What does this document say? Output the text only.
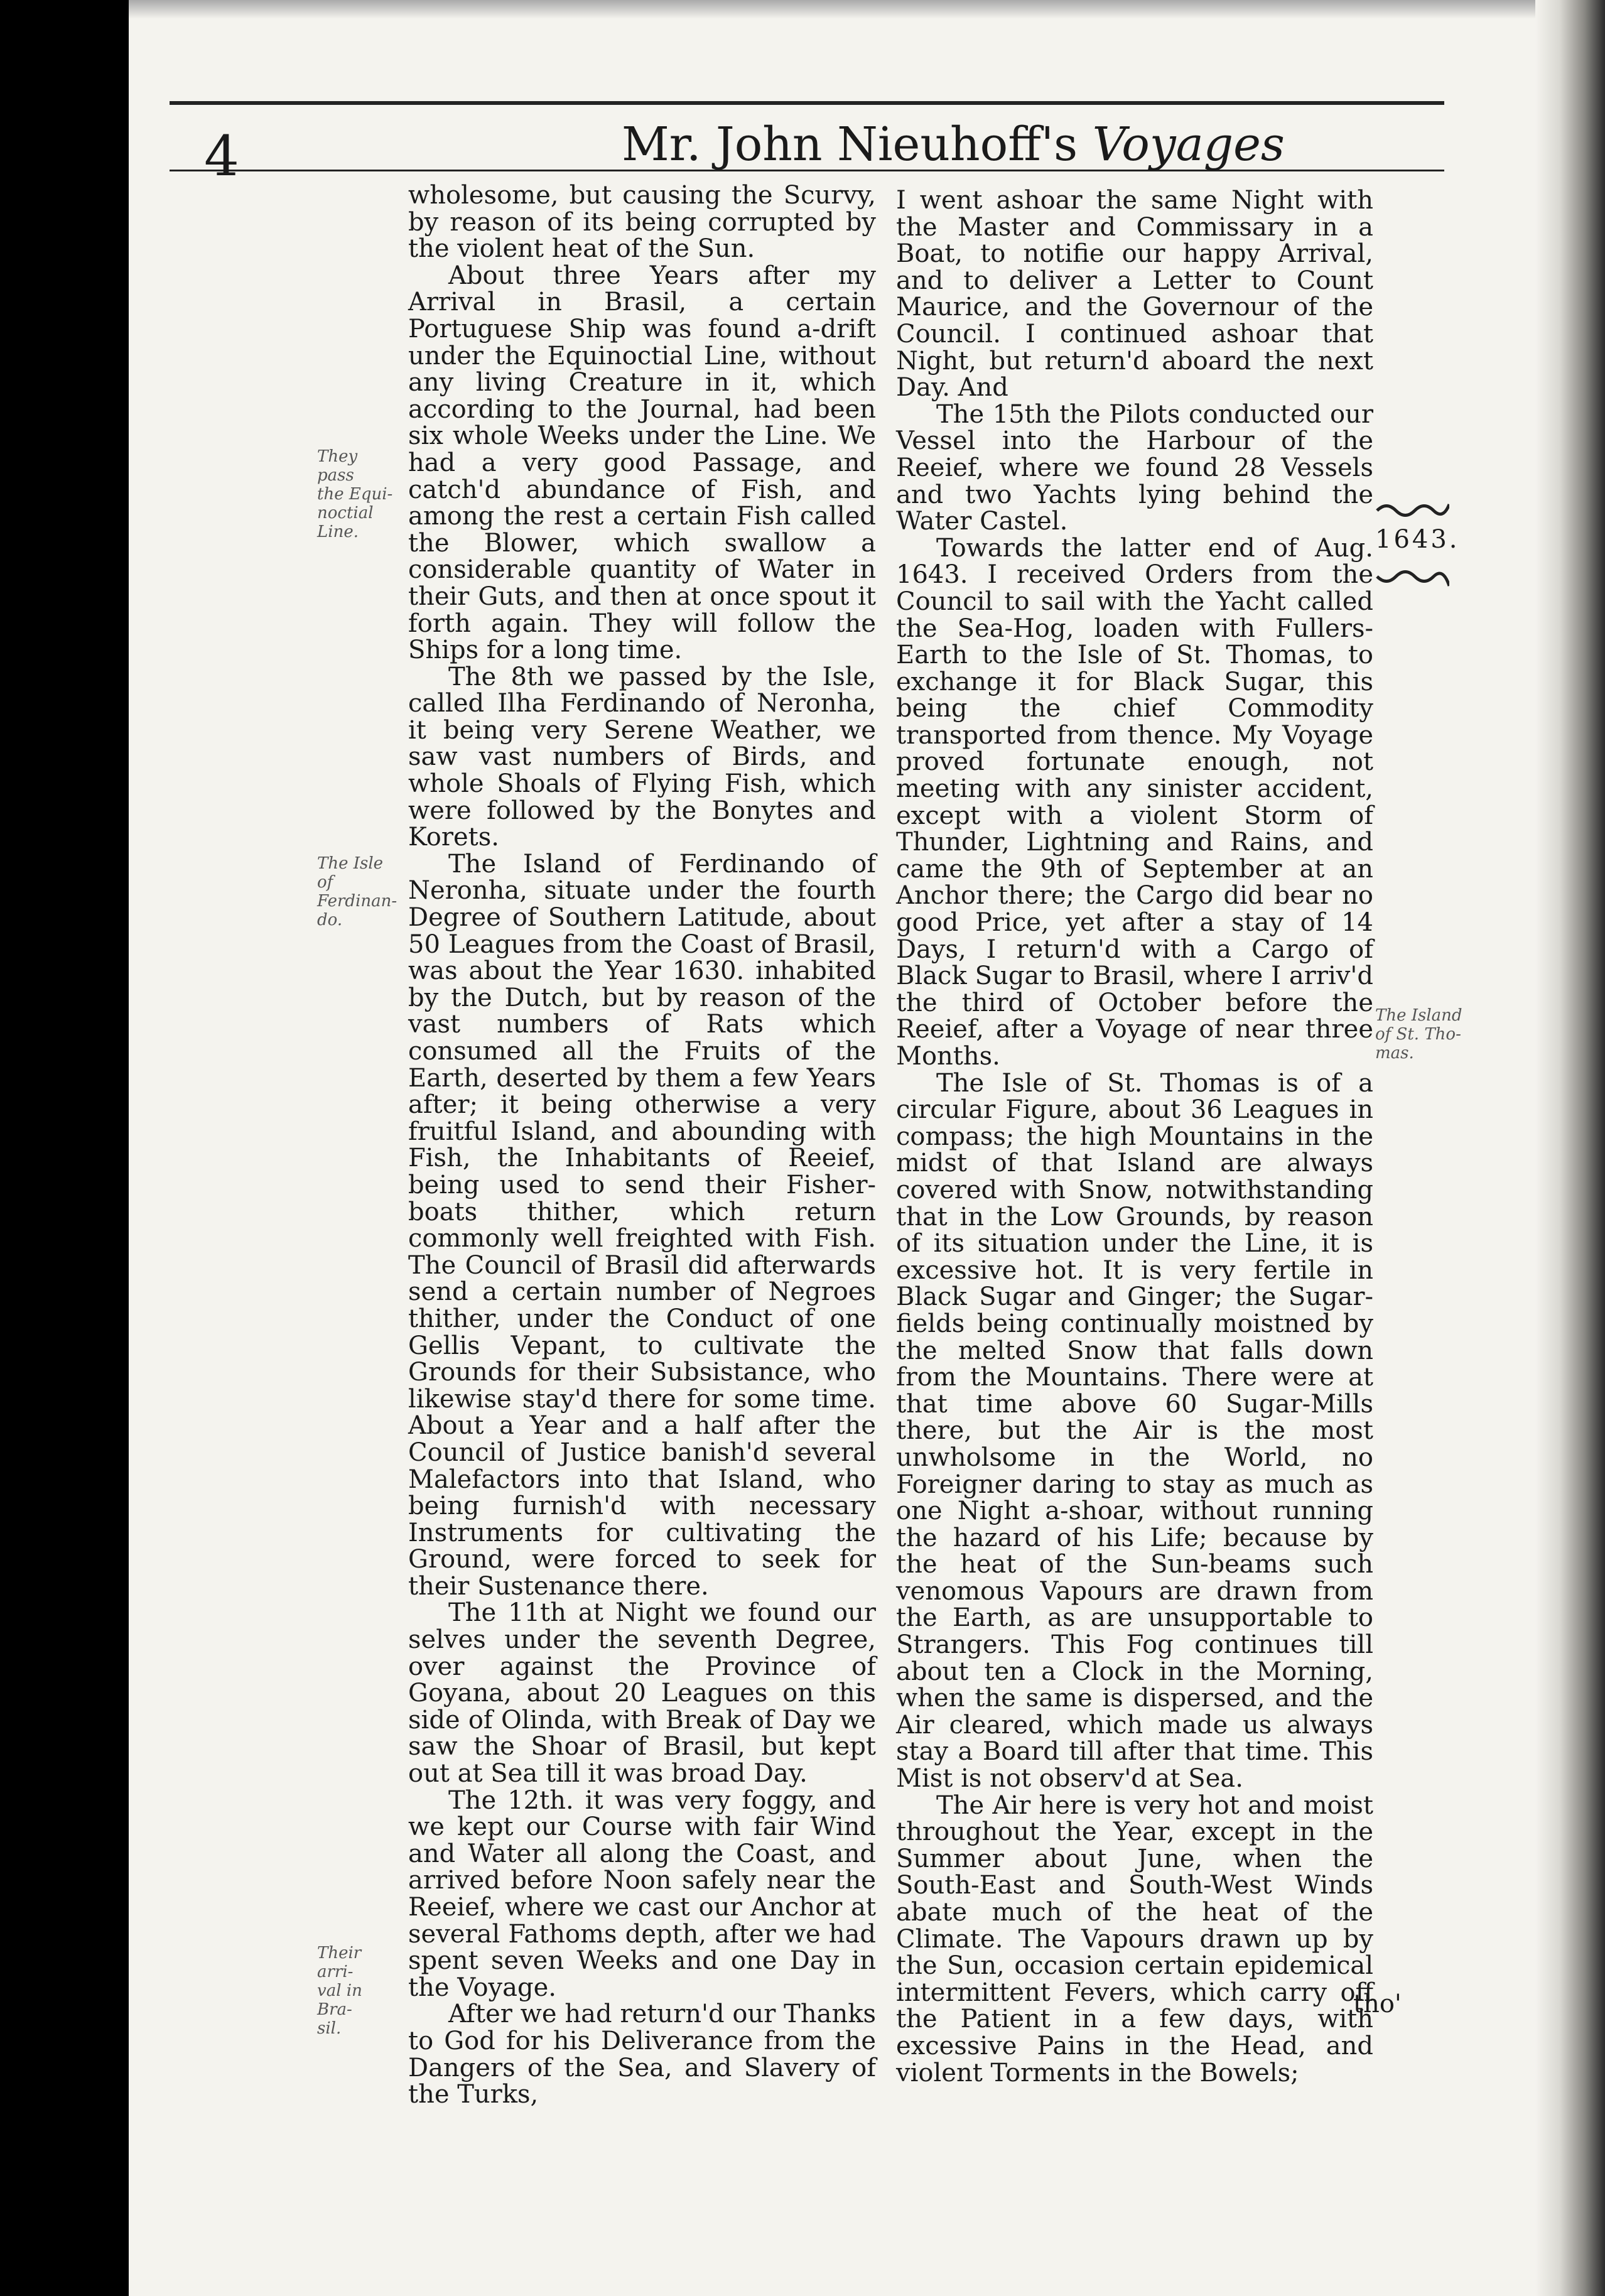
4	Mr. John Nieuhoff's Voyages
They pass
the Equi-
noctial
Line.
The Isle of
Ferdinan-
do.
Their arri-
val in Bra-
sil.
1643.
The Island
of St. Tho-
mas.

wholesome, but causing the Scurvy, by reason of its being corrupted by the violent heat of the Sun.

About three Years after my Arrival in Brasil, a certain Portuguese Ship was found a-drift under the Equinoctial Line, without any living Creature in it, which according to the Journal, had been six whole Weeks under the Line. We had a very good Passage, and catch'd abundance of Fish, and among the rest a certain Fish called the Blower, which swallow a considerable quantity of Water in their Guts, and then at once spout it forth again. They will follow the Ships for a long time.

The 8th we passed by the Isle, called Ilha Ferdinando of Neronha, it being very Serene Weather, we saw vast numbers of Birds, and whole Shoals of Flying Fish, which were followed by the Bonytes and Korets.

The Island of Ferdinando of Neronha, situate under the fourth Degree of Southern Latitude, about 50 Leagues from the Coast of Brasil, was about the Year 1630. inhabited by the Dutch, but by reason of the vast numbers of Rats which consumed all the Fruits of the Earth, deserted by them a few Years after; it being otherwise a very fruitful Island, and abounding with Fish, the Inhabitants of Reeief, being used to send their Fisher-boats thither, which return commonly well freighted with Fish. The Council of Brasil did afterwards send a certain number of Negroes thither, under the Conduct of one Gellis Vepant, to cultivate the Grounds for their Subsistance, who likewise stay'd there for some time. About a Year and a half after the Council of Justice banish'd several Malefactors into that Island, who being furnish'd with necessary Instruments for cultivating the Ground, were forced to seek for their Sustenance there.

The 11th at Night we found our selves under the seventh Degree, over against the Province of Goyana, about 20 Leagues on this side of Olinda, with Break of Day we saw the Shoar of Brasil, but kept out at Sea till it was broad Day.

The 12th. it was very foggy, and we kept our Course with fair Wind and Water all along the Coast, and arrived before Noon safely near the Reeief, where we cast our Anchor at several Fathoms depth, after we had spent seven Weeks and one Day in the Voyage.

After we had return'd our Thanks to God for his Deliverance from the Dangers of the Sea, and Slavery of the Turks,

I went ashoar the same Night with the Master and Commissary in a Boat, to notifie our happy Arrival, and to deliver a Letter to Count Maurice, and the Governour of the Council. I continued ashoar that Night, but return'd aboard the next Day. And

The 15th the Pilots conducted our Vessel into the Harbour of the Reeief, where we found 28 Vessels and two Yachts lying behind the Water Castel.

Towards the latter end of Aug. 1643. I received Orders from the Council to sail with the Yacht called the Sea-Hog, loaden with Fullers-Earth to the Isle of St. Thomas, to exchange it for Black Sugar, this being the chief Commodity transported from thence. My Voyage proved fortunate enough, not meeting with any sinister accident, except with a violent Storm of Thunder, Lightning and Rains, and came the 9th of September at an Anchor there; the Cargo did bear no good Price, yet after a stay of 14 Days, I return'd with a Cargo of Black Sugar to Brasil, where I arriv'd the third of October before the Reeief, after a Voyage of near three Months.

The Isle of St. Thomas is of a circular Figure, about 36 Leagues in compass; the high Mountains in the midst of that Island are always covered with Snow, notwithstanding that in the Low Grounds, by reason of its situation under the Line, it is excessive hot. It is very fertile in Black Sugar and Ginger; the Sugar-fields being continually moistned by the melted Snow that falls down from the Mountains. There were at that time above 60 Sugar-Mills there, but the Air is the most unwholsome in the World, no Foreigner daring to stay as much as one Night a-shoar, without running the hazard of his Life; because by the heat of the Sun-beams such venomous Vapours are drawn from the Earth, as are unsupportable to Strangers. This Fog continues till about ten a Clock in the Morning, when the same is dispersed, and the Air cleared, which made us always stay a Board till after that time. This Mist is not observ'd at Sea.

The Air here is very hot and moist throughout the Year, except in the Summer about June, when the South-East and South-West Winds abate much of the heat of the Climate. The Vapours drawn up by the Sun, occasion certain epidemical intermittent Fevers, which carry off the Patient in a few days, with excessive Pains in the Head, and violent Torments in the Bowels;

tho'
